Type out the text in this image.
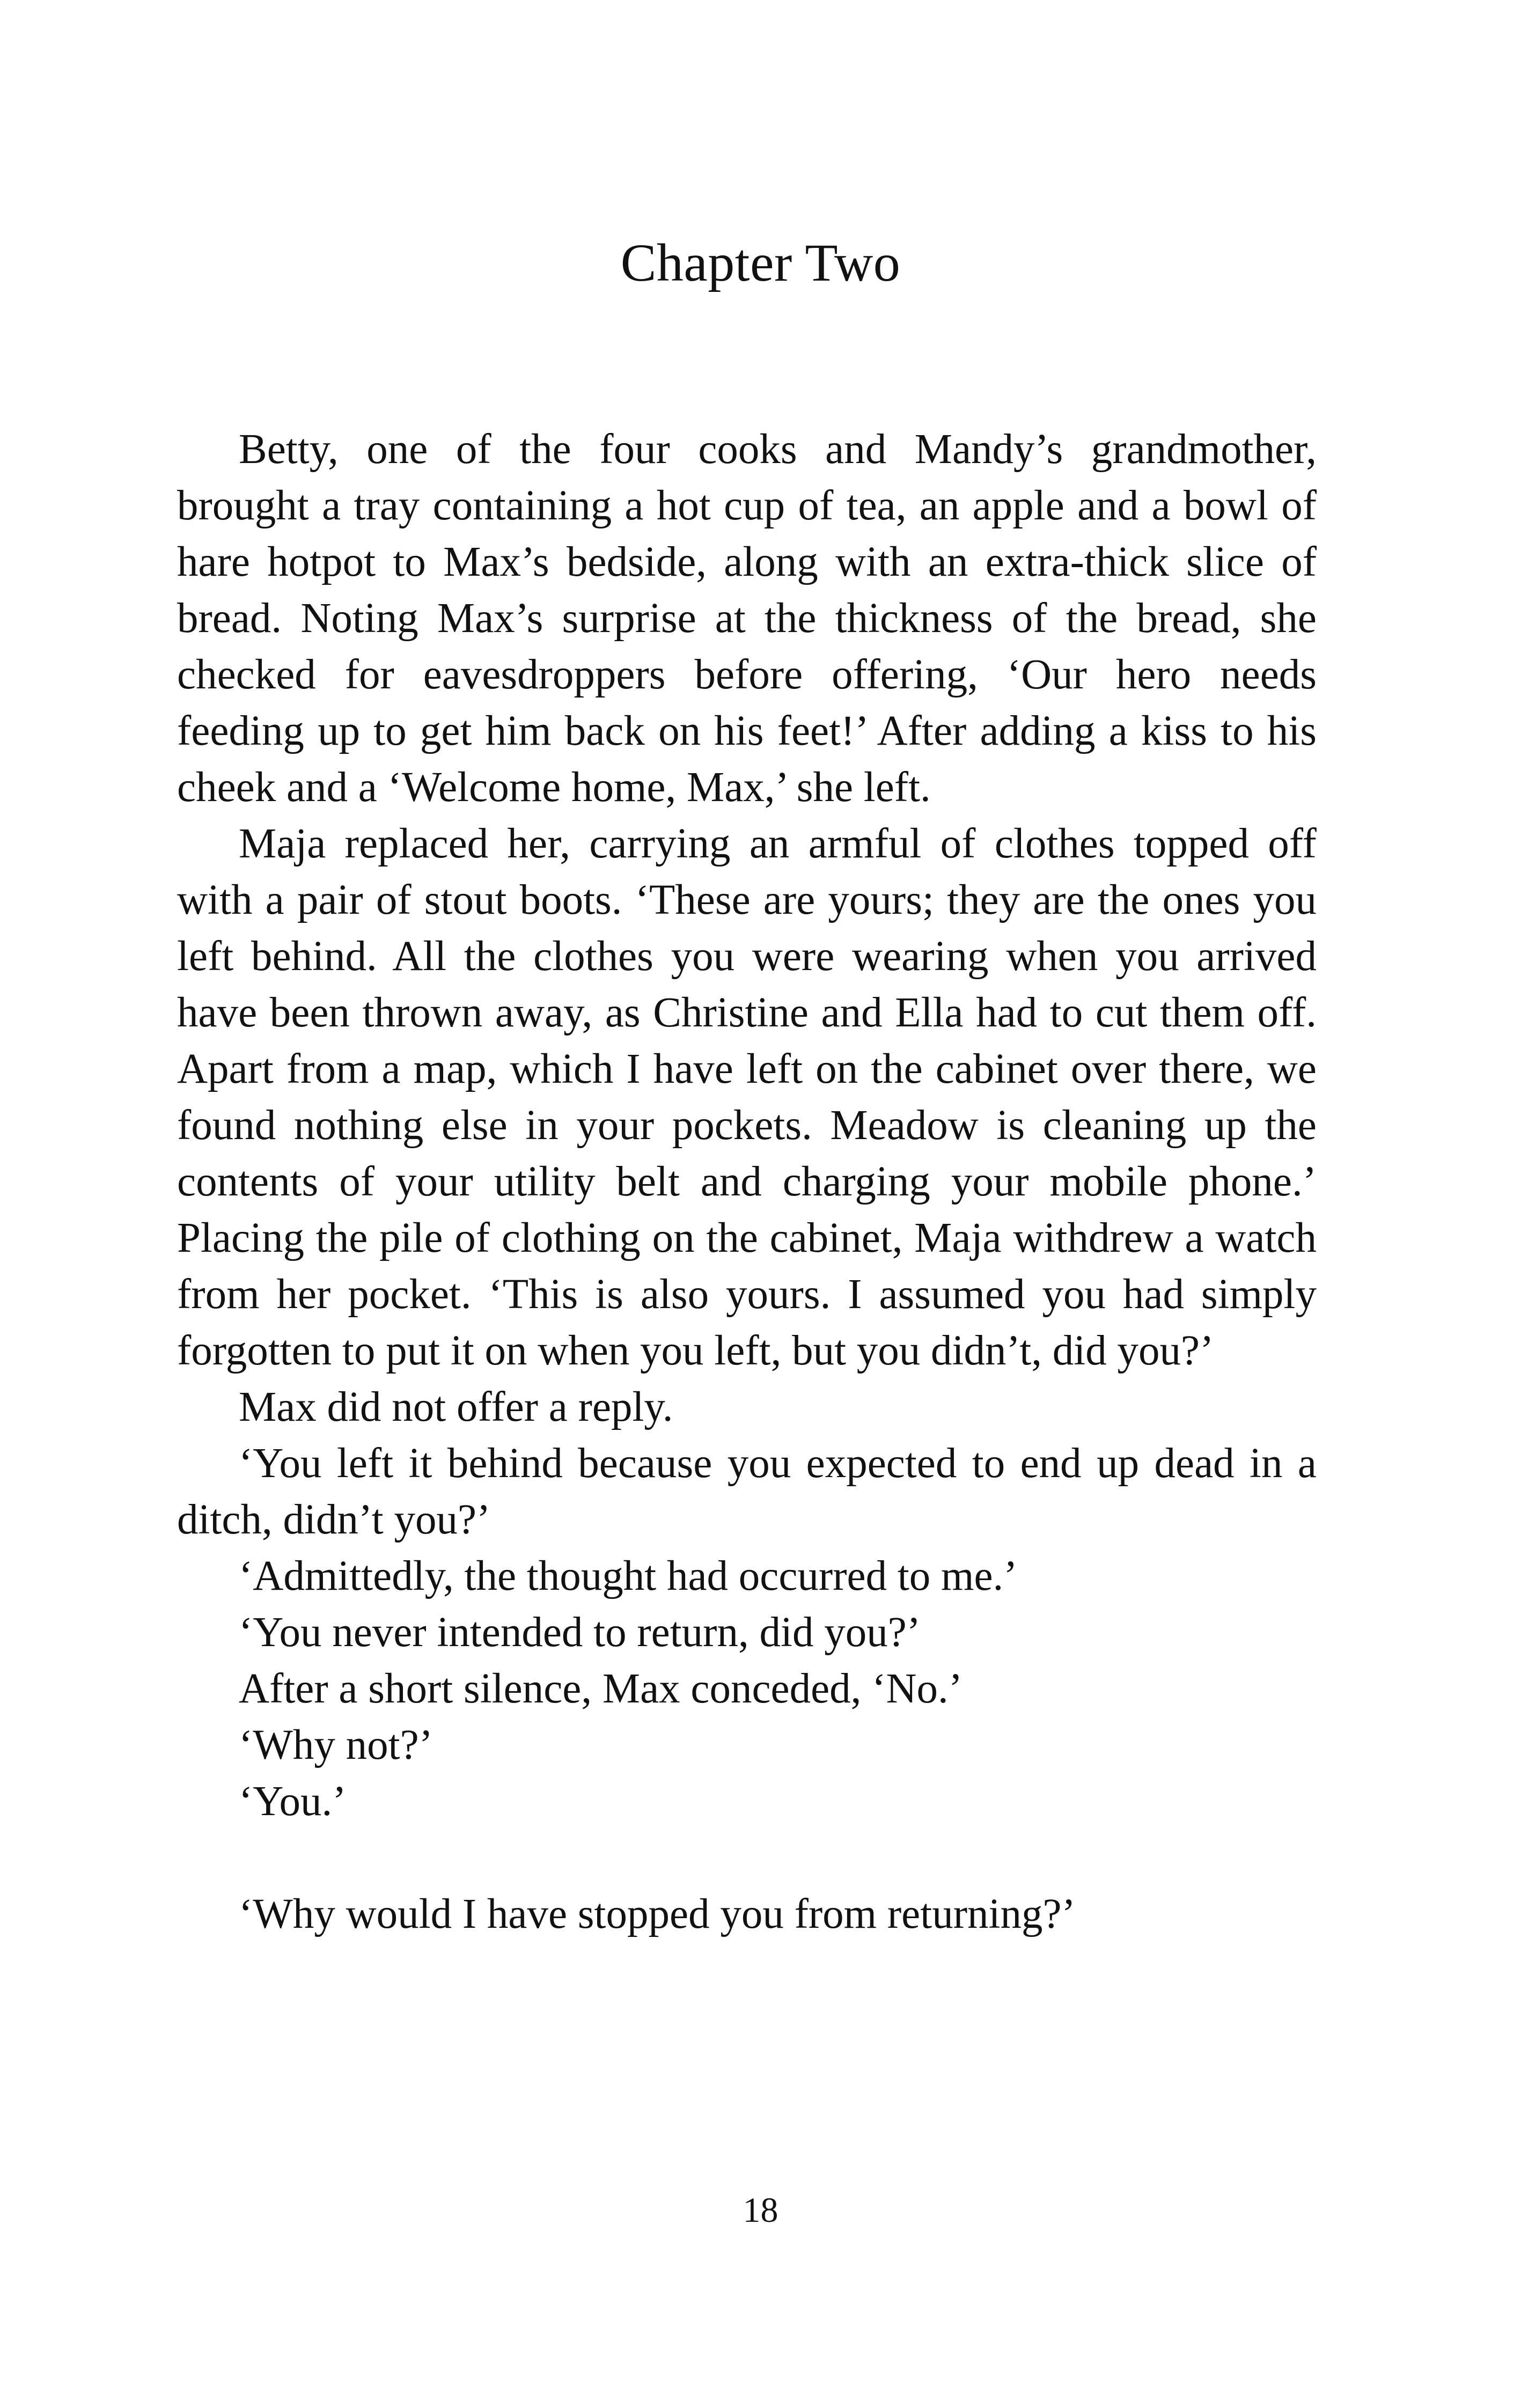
Chapter Two

Betty, one of the four cooks and Mandy’s grandmother, brought a tray containing a hot cup of tea, an apple and a bowl of hare hotpot to Max’s bedside, along with an extra-thick slice of bread. Noting Max’s surprise at the thickness of the bread, she checked for eavesdroppers before offering, ‘Our hero needs feeding up to get him back on his feet!’ After adding a kiss to his cheek and a ‘Welcome home, Max,’ she left.

Maja replaced her, carrying an armful of clothes topped off with a pair of stout boots. ‘These are yours; they are the ones you left behind. All the clothes you were wearing when you arrived have been thrown away, as Christine and Ella had to cut them off. Apart from a map, which I have left on the cabinet over there, we found nothing else in your pockets. Meadow is cleaning up the contents of your utility belt and charging your mobile phone.’ Placing the pile of clothing on the cabinet, Maja withdrew a watch from her pocket. ‘This is also yours. I assumed you had simply forgotten to put it on when you left, but you didn’t, did you?’

Max did not offer a reply.

‘You left it behind because you expected to end up dead in a ditch, didn’t you?’

‘Admittedly, the thought had occurred to me.’

‘You never intended to return, did you?’

After a short silence, Max conceded, ‘No.’

‘Why not?’

‘You.’

‘Why would I have stopped you from returning?’

18
